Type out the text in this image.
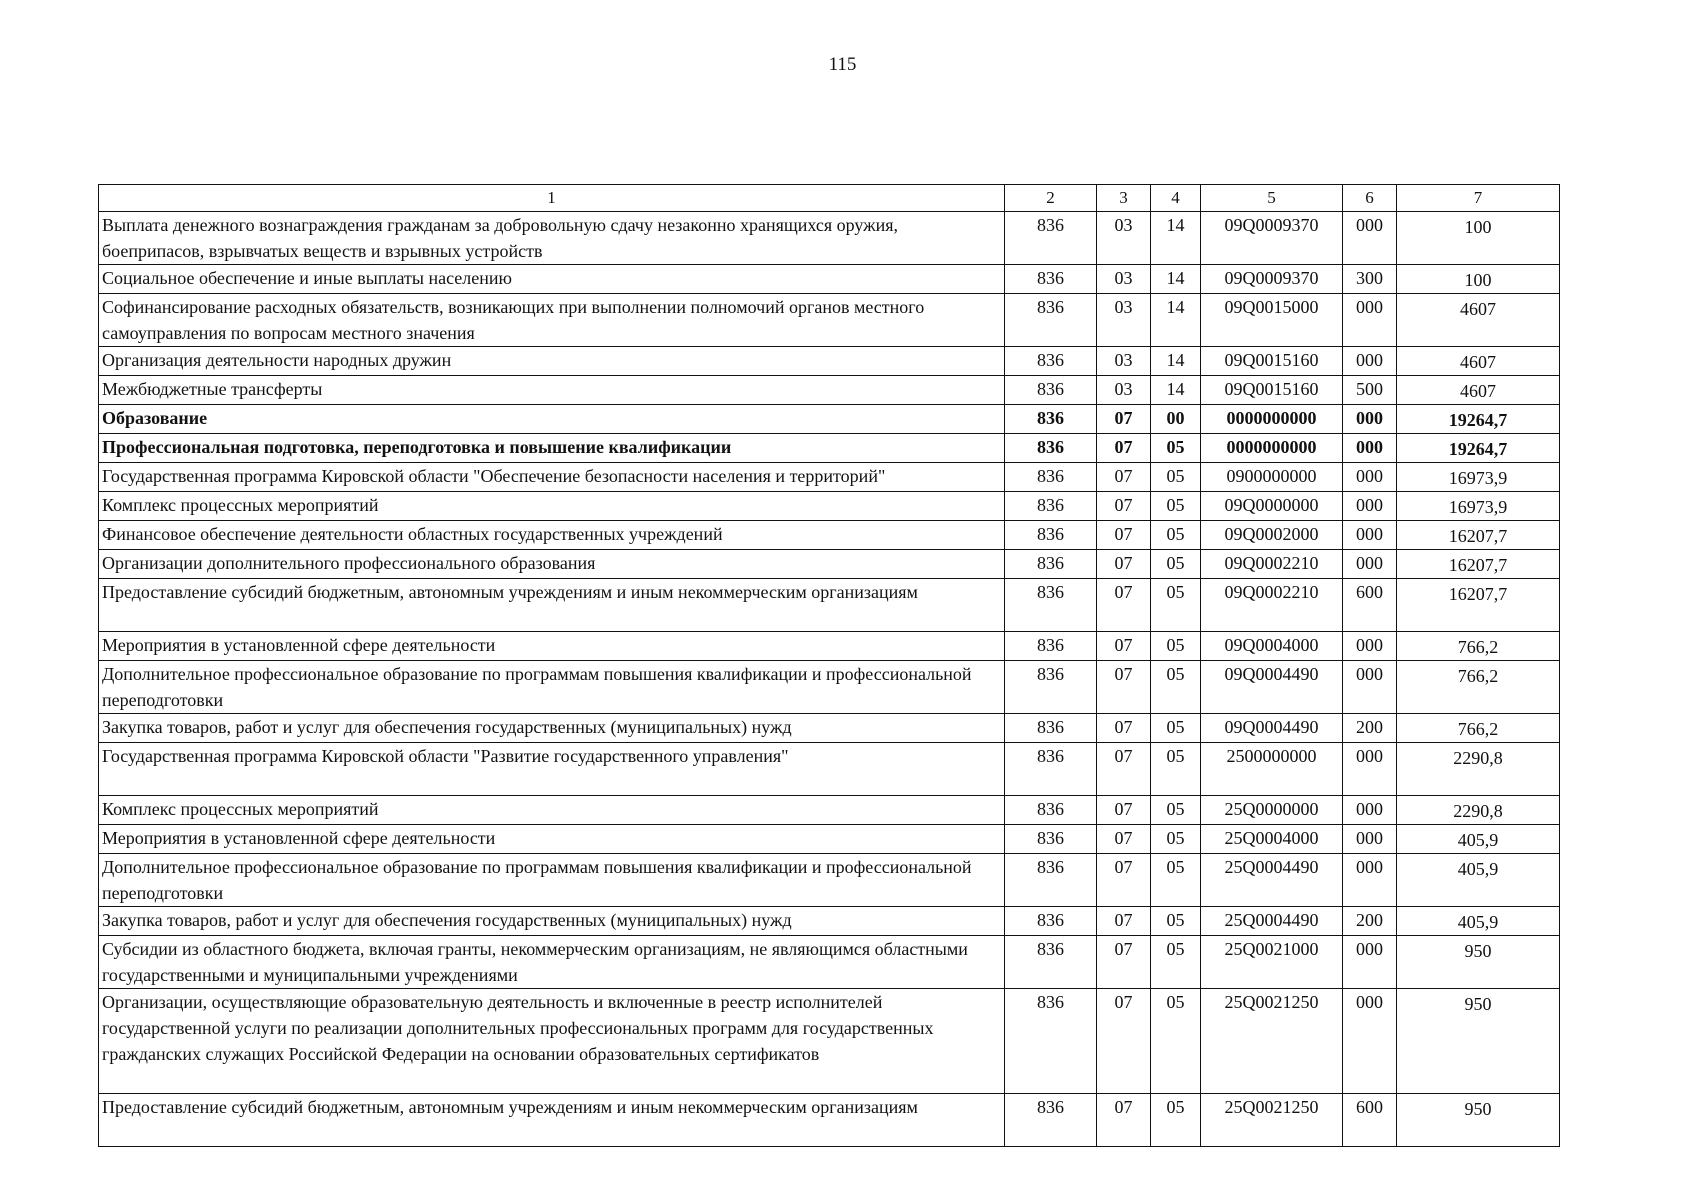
115
1	2	3	4	5	6	7
Выплата денежного вознаграждения гражданам за добровольную сдачу незаконно хранящихся оружия, боеприпасов, взрывчатых веществ и взрывных устройств	836	03	14	09Q0009370	000	100
Социальное обеспечение и иные выплаты населению	836	03	14	09Q0009370	300	100
Софинансирование расходных обязательств, возникающих при выполнении полномочий органов местного самоуправления по вопросам местного значения	836	03	14	09Q0015000	000	4607
Организация деятельности народных дружин	836	03	14	09Q0015160	000	4607
Межбюджетные трансферты	836	03	14	09Q0015160	500	4607
Образование	836	07	00	0000000000	000	19264,7
Профессиональная подготовка, переподготовка и повышение квалификации	836	07	05	0000000000	000	19264,7
Государственная программа Кировской области "Обеспечение безопасности населения и территорий"	836	07	05	0900000000	000	16973,9
Комплекс процессных мероприятий	836	07	05	09Q0000000	000	16973,9
Финансовое обеспечение деятельности областных государственных учреждений	836	07	05	09Q0002000	000	16207,7
Организации дополнительного профессионального образования	836	07	05	09Q0002210	000	16207,7
Предоставление субсидий бюджетным, автономным учреждениям и иным некоммерческим организациям	836	07	05	09Q0002210	600	16207,7
Мероприятия в установленной сфере деятельности	836	07	05	09Q0004000	000	766,2
Дополнительное профессиональное образование по программам повышения квалификации и профессиональной переподготовки	836	07	05	09Q0004490	000	766,2
Закупка товаров, работ и услуг для обеспечения государственных (муниципальных) нужд	836	07	05	09Q0004490	200	766,2
Государственная программа Кировской области "Развитие государственного управления"	836	07	05	2500000000	000	2290,8
Комплекс процессных мероприятий	836	07	05	25Q0000000	000	2290,8
Мероприятия в установленной сфере деятельности	836	07	05	25Q0004000	000	405,9
Дополнительное профессиональное образование по программам повышения квалификации и профессиональной переподготовки	836	07	05	25Q0004490	000	405,9
Закупка товаров, работ и услуг для обеспечения государственных (муниципальных) нужд	836	07	05	25Q0004490	200	405,9
Субсидии из областного бюджета, включая гранты, некоммерческим организациям, не являющимся областными государственными и муниципальными учреждениями	836	07	05	25Q0021000	000	950
Организации, осуществляющие образовательную деятельность и включенные в реестр исполнителей государственной услуги по реализации дополнительных профессиональных программ для государственных гражданских служащих Российской Федерации на основании образовательных сертификатов	836	07	05	25Q0021250	000	950
Предоставление субсидий бюджетным, автономным учреждениям и иным некоммерческим организациям	836	07	05	25Q0021250	600	950
